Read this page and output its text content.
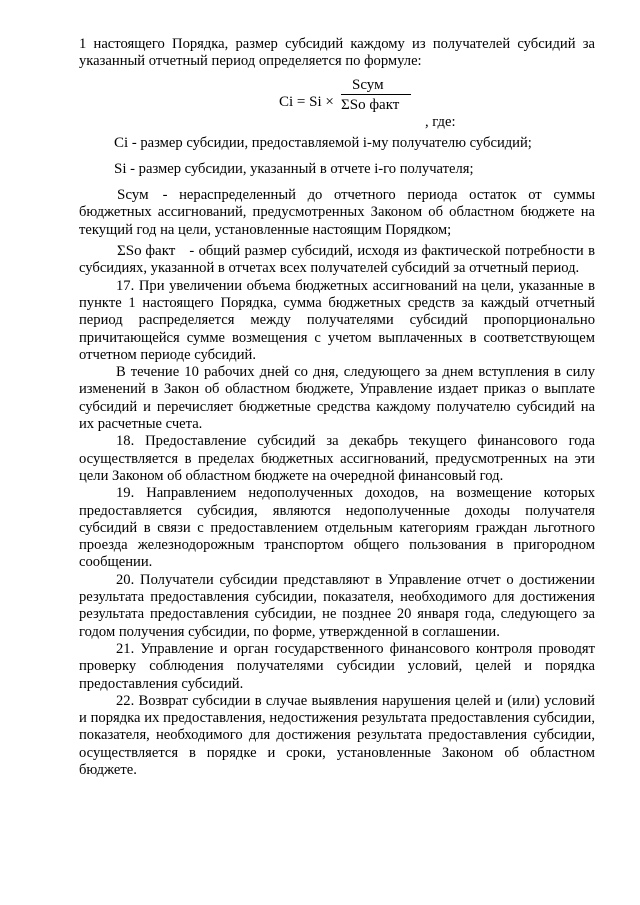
1 настоящего Порядка, размер субсидий каждому из получателей субсидий за указанный отчетный период определяется по формуле:

Ci = Si ×
Sсум
ΣSо факт
, где:

Ci - размер субсидии, предоставляемой i-му получателю субсидий;

Si - размер субсидии, указанный в отчете i-го получателя;

Sсум - нераспределенный до отчетного периода остаток от суммы бюджетных ассигнований, предусмотренных Законом об областном бюджете на текущий год на цели, установленные настоящим Порядком;

ΣSо факт - общий размер субсидий, исходя из фактической потребности в субсидиях, указанной в отчетах всех получателей субсидий за отчетный период.

17. При увеличении объема бюджетных ассигнований на цели, указанные в пункте 1 настоящего Порядка, сумма бюджетных средств за каждый отчетный период распределяется между получателями субсидий пропорционально причитающейся сумме возмещения с учетом выплаченных в соответствующем отчетном периоде субсидий.

В течение 10 рабочих дней со дня, следующего за днем вступления в силу изменений в Закон об областном бюджете, Управление издает приказ о выплате субсидий и перечисляет бюджетные средства каждому получателю субсидий на их расчетные счета.

18. Предоставление субсидий за декабрь текущего финансового года осуществляется в пределах бюджетных ассигнований, предусмотренных на эти цели Законом об областном бюджете на очередной финансовый год.

19. Направлением недополученных доходов, на возмещение которых предоставляется субсидия, являются недополученные доходы получателя субсидий в связи с предоставлением отдельным категориям граждан льготного проезда железнодорожным транспортом общего пользования в пригородном сообщении.

20. Получатели субсидии представляют в Управление отчет о достижении результата предоставления субсидии, показателя, необходимого для достижения результата предоставления субсидии, не позднее 20 января года, следующего за годом получения субсидии, по форме, утвержденной в соглашении.

21. Управление и орган государственного финансового контроля проводят проверку соблюдения получателями субсидии условий, целей и порядка предоставления субсидий.

22. Возврат субсидии в случае выявления нарушения целей и (или) условий и порядка их предоставления, недостижения результата предоставления субсидии, показателя, необходимого для достижения результата предоставления субсидии, осуществляется в порядке и сроки, установленные Законом об областном бюджете.
